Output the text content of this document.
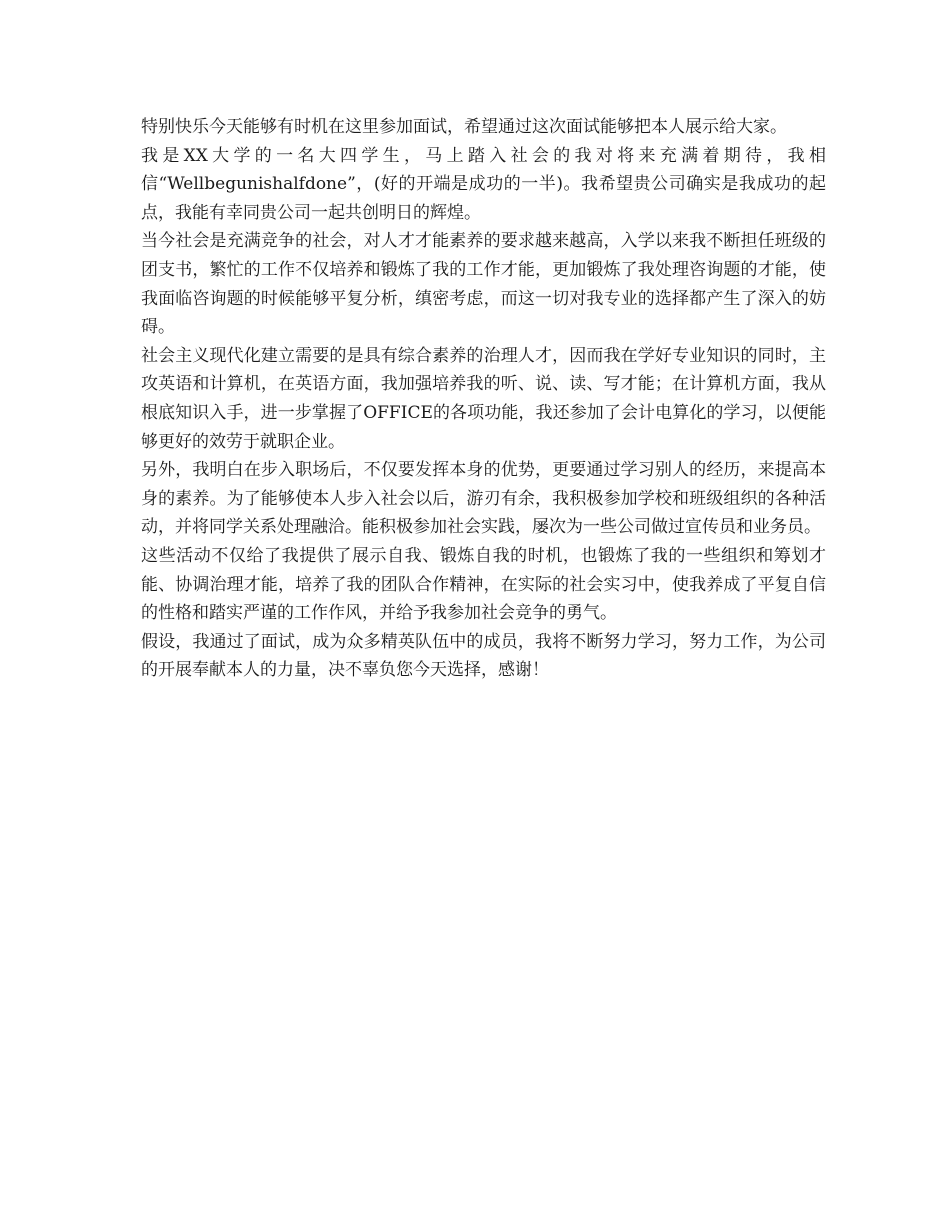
特别快乐今天能够有时机在这里参加面试，希望通过这次面试能够把本人展示给大家。

我是XX大学的一名大四学生，马上踏入社会的我对将来充满着期待，我相信“Wellbegunishalfdone”，(好的开端是成功的一半)。我希望贵公司确实是我成功的起点，我能有幸同贵公司一起共创明日的辉煌。

当今社会是充满竞争的社会，对人才才能素养的要求越来越高，入学以来我不断担任班级的团支书，繁忙的工作不仅培养和锻炼了我的工作才能，更加锻炼了我处理咨询题的才能，使我面临咨询题的时候能够平复分析，缜密考虑，而这一切对我专业的选择都产生了深入的妨碍。

社会主义现代化建立需要的是具有综合素养的治理人才，因而我在学好专业知识的同时，主攻英语和计算机，在英语方面，我加强培养我的听、说、读、写才能；在计算机方面，我从根底知识入手，进一步掌握了OFFICE的各项功能，我还参加了会计电算化的学习，以便能够更好的效劳于就职企业。

另外，我明白在步入职场后，不仅要发挥本身的优势，更要通过学习别人的经历，来提高本身的素养。为了能够使本人步入社会以后，游刃有余，我积极参加学校和班级组织的各种活动，并将同学关系处理融洽。能积极参加社会实践，屡次为一些公司做过宣传员和业务员。

这些活动不仅给了我提供了展示自我、锻炼自我的时机，也锻炼了我的一些组织和筹划才能、协调治理才能，培养了我的团队合作精神，在实际的社会实习中，使我养成了平复自信的性格和踏实严谨的工作作风，并给予我参加社会竞争的勇气。

假设，我通过了面试，成为众多精英队伍中的成员，我将不断努力学习，努力工作，为公司的开展奉献本人的力量，决不辜负您今天选择，感谢！
